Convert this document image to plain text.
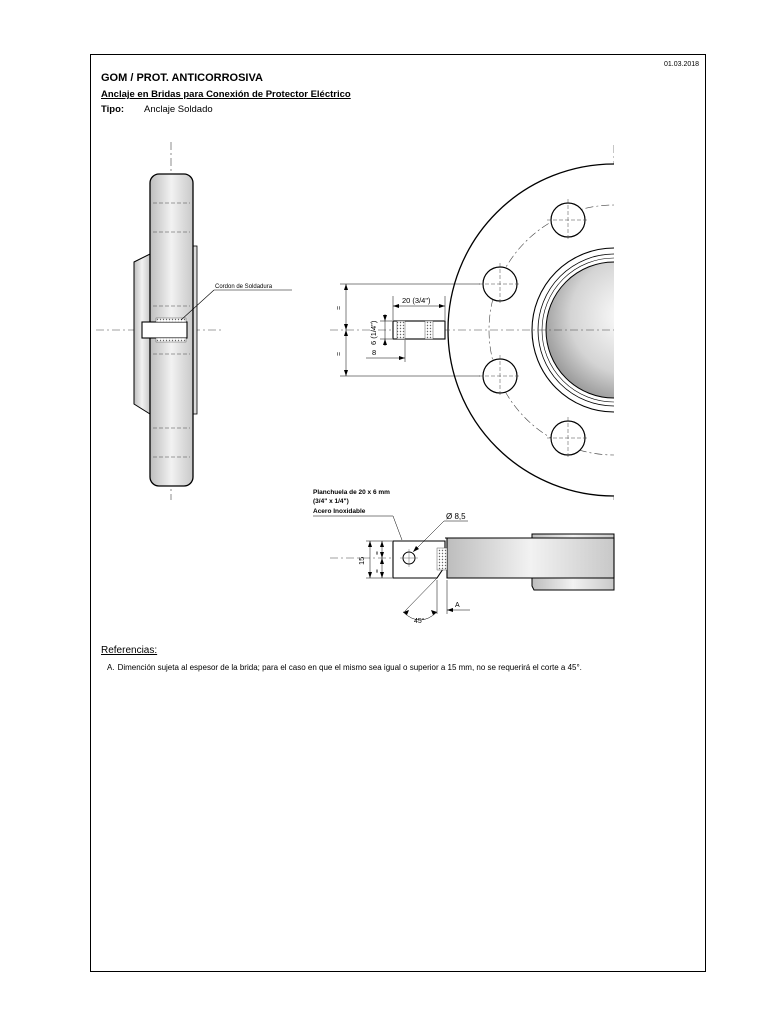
01.03.2018
GOM / PROT. ANTICORROSIVA
Anclaje en Bridas para Conexión de Protector Eléctrico
Tipo: Anclaje Soldado
Cordon de Soldadura
20 (3/4")
6 (1/4")
8
=
=
Planchuela de 20 x 6 mm
(3/4" x 1/4")
Acero Inoxidable
Ø 8,5
15
=
=
45°
A
Referencias:
A. Dimención sujeta al espesor de la brida; para el caso en que el mismo sea igual o superior a 15 mm, no se requerirá el corte a 45°.
